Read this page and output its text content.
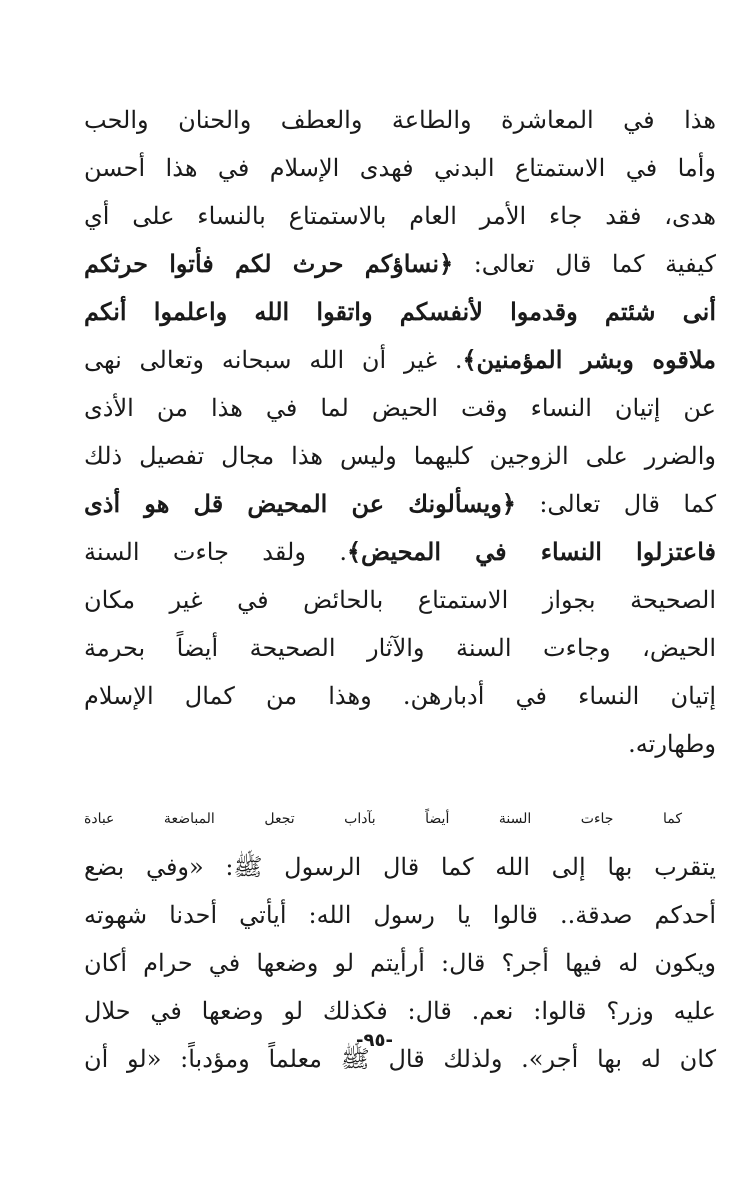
هذا في المعاشرة والطاعة والعطف والحنان والحب
وأما في الاستمتاع البدني فهدى الإسلام في هذا أحسن
هدى، فقد جاء الأمر العام بالاستمتاع بالنساء على أي
كيفية كما قال تعالى: ﴿نساؤكم حرث لكم فأتوا حرثكم
أنى شئتم وقدموا لأنفسكم واتقوا الله واعلموا أنكم
ملاقوه وبشر المؤمنين﴾. غير أن الله سبحانه وتعالى نهى
عن إتيان النساء وقت الحيض لما في هذا من الأذى
والضرر على الزوجين كليهما وليس هذا مجال تفصيل ذلك
كما قال تعالى: ﴿ويسألونك عن المحيض قل هو أذى
فاعتزلوا النساء في المحيض﴾. ولقد جاءت السنة
الصحيحة بجواز الاستمتاع بالحائض في غير مكان
الحيض، وجاءت السنة والآثار الصحيحة أيضاً بحرمة
إتيان النساء في أدبارهن. وهذا من كمال الإسلام
وطهارته.
كما جاءت السنة أيضاً بآداب تجعل المباضعة عبادة
يتقرب بها إلى الله كما قال الرسول ﷺ: «وفي بضع
أحدكم صدقة.. قالوا يا رسول الله: أيأتي أحدنا شهوته
ويكون له فيها أجر؟ قال: أرأيتم لو وضعها في حرام أكان
عليه وزر؟ قالوا: نعم. قال: فكذلك لو وضعها في حلال
كان له بها أجر». ولذلك قال ﷺ معلماً ومؤدباً: «لو أن
-٩٥-
